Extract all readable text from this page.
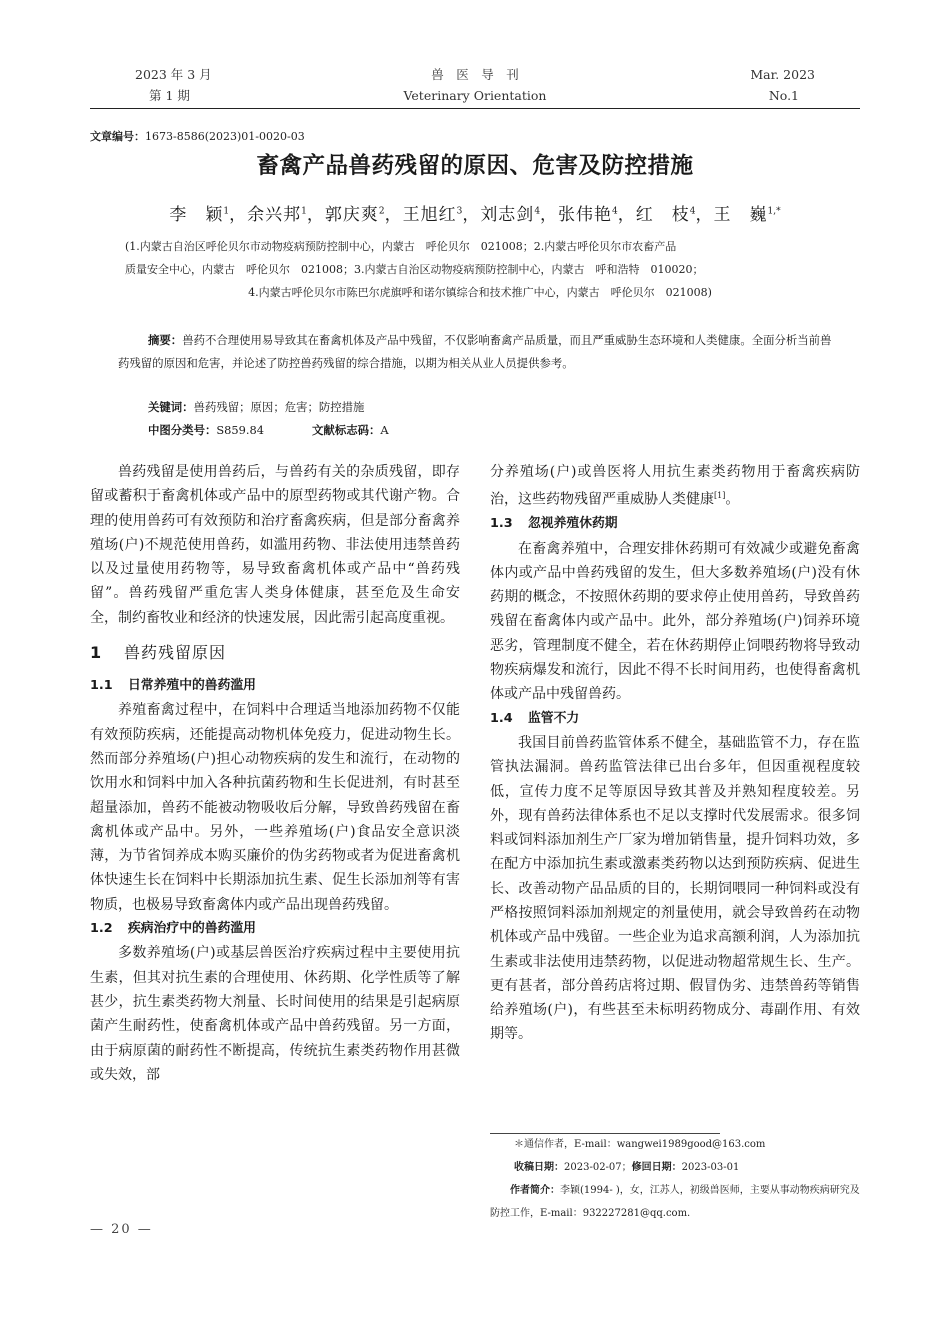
2023 年 3 月
第 1 期
兽　医　导　刊
Veterinary Orientation
Mar. 2023
No.1
文章编号：1673-8586(2023)01-0020-03
畜禽产品兽药残留的原因、危害及防控措施
李　颖$^1$，余兴邦$^1$，郭庆爽$^2$，王旭红$^3$，刘志剑$^4$，张伟艳$^4$，红　枝$^4$，王　巍$^{1,*}$
(1.内蒙古自治区呼伦贝尔市动物疫病预防控制中心，内蒙古　呼伦贝尔　021008；2.内蒙古呼伦贝尔市农畜产品
质量安全中心，内蒙古　呼伦贝尔　021008；3.内蒙古自治区动物疫病预防控制中心，内蒙古　呼和浩特　010020；
4.内蒙古呼伦贝尔市陈巴尔虎旗呼和诺尔镇综合和技术推广中心，内蒙古　呼伦贝尔　021008)
摘要：兽药不合理使用易导致其在畜禽机体及产品中残留，不仅影响畜禽产品质量，而且严重威胁生态环境和人类健康。全面分析当前兽药残留的原因和危害，并论述了防控兽药残留的综合措施，以期为相关从业人员提供参考。
关键词：兽药残留；原因；危害；防控措施
中图分类号：S859.84	文献标志码：A

兽药残留是使用兽药后，与兽药有关的杂质残留，即存留或蓄积于畜禽机体或产品中的原型药物或其代谢产物。合理的使用兽药可有效预防和治疗畜禽疾病，但是部分畜禽养殖场(户)不规范使用兽药，如滥用药物、非法使用违禁兽药以及过量使用药物等，易导致畜禽机体或产品中“兽药残留”。兽药残留严重危害人类身体健康，甚至危及生命安全，制约畜牧业和经济的快速发展，因此需引起高度重视。

1 兽药残留原因
1.1 日常养殖中的兽药滥用

养殖畜禽过程中，在饲料中合理适当地添加药物不仅能有效预防疾病，还能提高动物机体免疫力，促进动物生长。然而部分养殖场(户)担心动物疾病的发生和流行，在动物的饮用水和饲料中加入各种抗菌药物和生长促进剂，有时甚至超量添加，兽药不能被动物吸收后分解，导致兽药残留在畜禽机体或产品中。另外，一些养殖场(户)食品安全意识淡薄，为节省饲养成本购买廉价的伪劣药物或者为促进畜禽机体快速生长在饲料中长期添加抗生素、促生长添加剂等有害物质，也极易导致畜禽体内或产品出现兽药残留。

1.2 疾病治疗中的兽药滥用

多数养殖场(户)或基层兽医治疗疾病过程中主要使用抗生素，但其对抗生素的合理使用、休药期、化学性质等了解甚少，抗生素类药物大剂量、长时间使用的结果是引起病原菌产生耐药性，使畜禽机体或产品中兽药残留。另一方面，由于病原菌的耐药性不断提高，传统抗生素类药物作用甚微或失效，部

分养殖场(户)或兽医将人用抗生素类药物用于畜禽疾病防治，这些药物残留严重威胁人类健康[1]。

1.3 忽视养殖休药期

在畜禽养殖中，合理安排休药期可有效减少或避免畜禽体内或产品中兽药残留的发生，但大多数养殖场(户)没有休药期的概念，不按照休药期的要求停止使用兽药，导致兽药残留在畜禽体内或产品中。此外，部分养殖场(户)饲养环境恶劣，管理制度不健全，若在休药期停止饲喂药物将导致动物疾病爆发和流行，因此不得不长时间用药，也使得畜禽机体或产品中残留兽药。

1.4 监管不力

我国目前兽药监管体系不健全，基础监管不力，存在监管执法漏洞。兽药监管法律已出台多年，但因重视程度较低，宣传力度不足等原因导致其普及并熟知程度较差。另外，现有兽药法律体系也不足以支撑时代发展需求。很多饲料或饲料添加剂生产厂家为增加销售量，提升饲料功效，多在配方中添加抗生素或激素类药物以达到预防疾病、促进生长、改善动物产品品质的目的，长期饲喂同一种饲料或没有严格按照饲料添加剂规定的剂量使用，就会导致兽药在动物机体或产品中残留。一些企业为追求高额利润，人为添加抗生素或非法使用违禁药物，以促进动物超常规生长、生产。更有甚者，部分兽药店将过期、假冒伪劣、违禁兽药等销售给养殖场(户)，有些甚至未标明药物成分、毒副作用、有效期等。

＊通信作者，E-mail：wangwei1989good@163.com

收稿日期：2023-02-07；修回日期：2023-03-01

作者简介：李颖(1994- )，女，江苏人，初级兽医师，主要从事动物疾病研究及防控工作，E-mail：932227281@qq.com.

— 20 —
